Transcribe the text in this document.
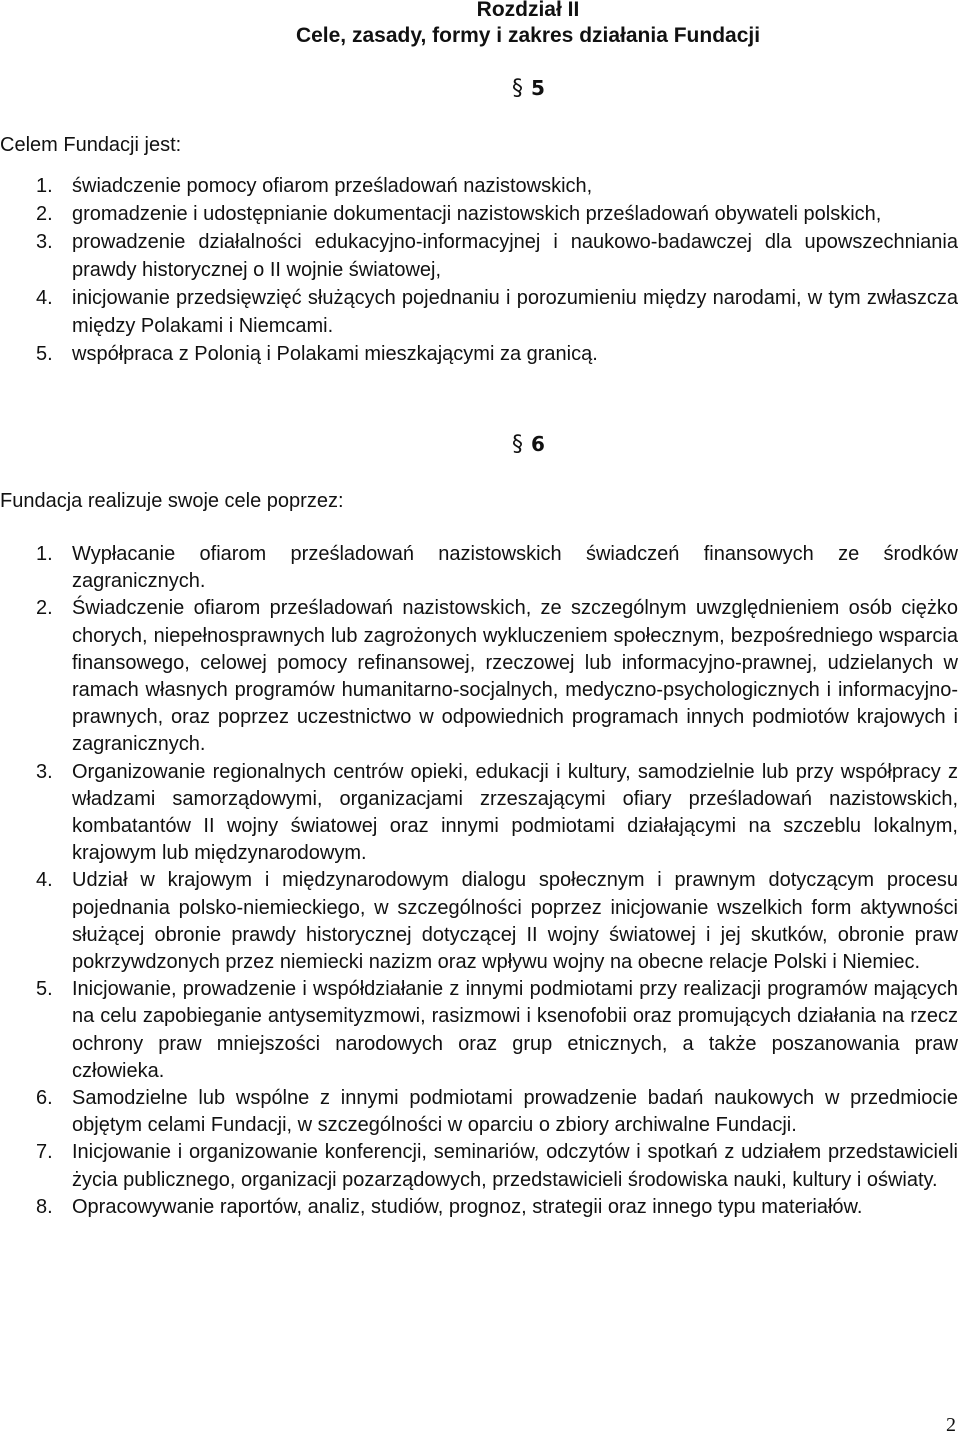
Rozdział II
Cele, zasady, formy i zakres działania Fundacji
§ 5
Celem Fundacji jest:
1. świadczenie pomocy ofiarom prześladowań nazistowskich,
2. gromadzenie i udostępnianie dokumentacji nazistowskich prześladowań obywateli polskich,
3. prowadzenie działalności edukacyjno-informacyjnej i naukowo-badawczej dla upowszechniania prawdy historycznej o II wojnie światowej,
4. inicjowanie przedsięwzięć służących pojednaniu i porozumieniu między narodami, w tym zwłaszcza między Polakami i Niemcami.
5. współpraca z Polonią i Polakami mieszkającymi za granicą.
§ 6
Fundacja realizuje swoje cele poprzez:
1. Wypłacanie ofiarom prześladowań nazistowskich świadczeń finansowych ze środków zagranicznych.
2. Świadczenie ofiarom prześladowań nazistowskich, ze szczególnym uwzględnieniem osób ciężko chorych, niepełnosprawnych lub zagrożonych wykluczeniem społecznym, bezpośredniego wsparcia finansowego, celowej pomocy refinansowej, rzeczowej lub informacyjno-prawnej, udzielanych w ramach własnych programów humanitarno-socjalnych, medyczno-psychologicznych i informacyjno-prawnych, oraz poprzez uczestnictwo w odpowiednich programach innych podmiotów krajowych i zagranicznych.
3. Organizowanie regionalnych centrów opieki, edukacji i kultury, samodzielnie lub przy współpracy z władzami samorządowymi, organizacjami zrzeszającymi ofiary prześladowań nazistowskich, kombatantów II wojny światowej oraz innymi podmiotami działającymi na szczeblu lokalnym, krajowym lub międzynarodowym.
4. Udział w krajowym i międzynarodowym dialogu społecznym i prawnym dotyczącym procesu pojednania polsko-niemieckiego, w szczególności poprzez inicjowanie wszelkich form aktywności służącej obronie prawdy historycznej dotyczącej II wojny światowej i jej skutków, obronie praw pokrzywdzonych przez niemiecki nazizm oraz wpływu wojny na obecne relacje Polski i Niemiec.
5. Inicjowanie, prowadzenie i współdziałanie z innymi podmiotami przy realizacji programów mających na celu zapobieganie antysemityzmowi, rasizmowi i ksenofobii oraz promujących działania na rzecz ochrony praw mniejszości narodowych oraz grup etnicznych, a także poszanowania praw człowieka.
6. Samodzielne lub wspólne z innymi podmiotami prowadzenie badań naukowych w przedmiocie objętym celami Fundacji, w szczególności w oparciu o zbiory archiwalne Fundacji.
7. Inicjowanie i organizowanie konferencji, seminariów, odczytów i spotkań z udziałem przedstawicieli życia publicznego, organizacji pozarządowych, przedstawicieli środowiska nauki, kultury i oświaty.
8. Opracowywanie raportów, analiz, studiów, prognoz, strategii oraz innego typu materiałów.
2
